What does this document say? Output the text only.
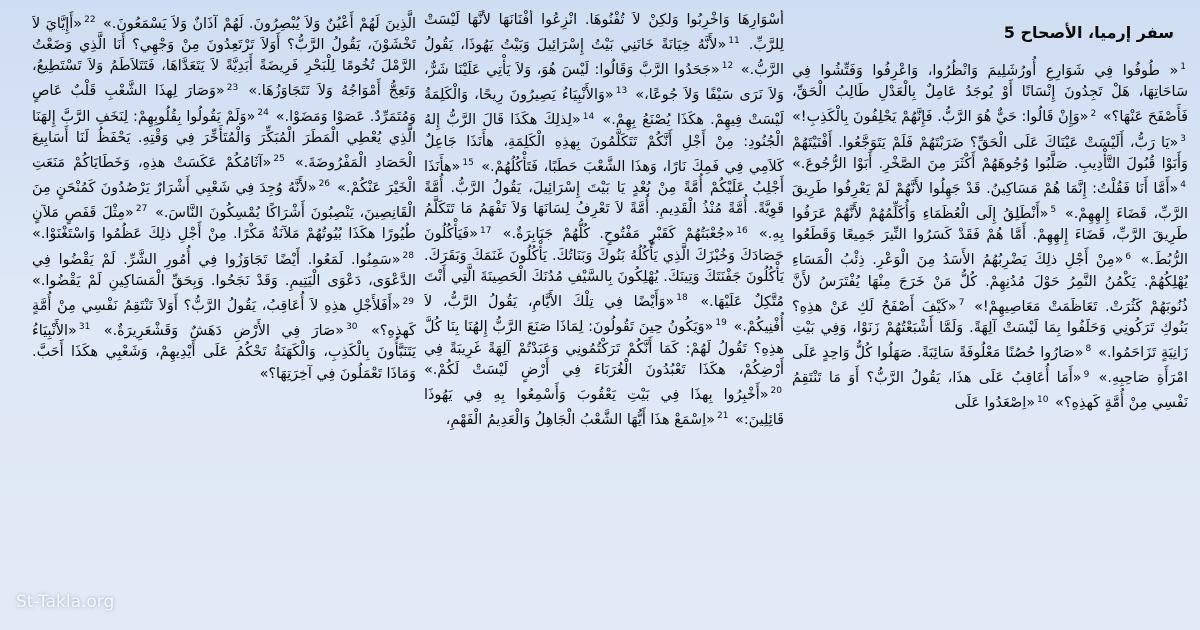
سفر إرميا، الأصحاح 5
$^1$« طُوفُوا فِي شَوَارِعِ أُورُشَلِيمَ وَانْظُرُوا، وَاعْرِفُوا وَفَتِّشُوا فِي سَاحَاتِهَا، هَلْ تَجِدُونَ إِنْسَانًا أَوْ يُوجَدُ عَامِلٌ بِالْعَدْلِ طَالِبُ الْحَقِّ، فَأَصْفَحَ عَنْهَا؟» $^2$«وَإِنْ قَالُوا: حَيٌّ هُوَ الرَّبُّ. فَإِنَّهُمْ يَحْلِفُونَ بِالْكَذِبِ!» $^3$«يَا رَبُّ، أَلَيْسَتْ عَيْنَاكَ عَلَى الْحَقِّ؟ ضَرَبْتَهُمْ فَلَمْ يَتَوَجَّعُوا. أَفْنَيْتَهُمْ وَأَبَوْا قُبُولَ التَّأْدِيبِ. صَلَّبُوا وُجُوهَهُمْ أَكْثَرَ مِنَ الصَّخْرِ. أَبَوْا الرُّجُوعَ.» $^4$«أَمَّا أَنَا فَقُلْتُ: إِنَّمَا هُمْ مَسَاكِينُ. قَدْ جَهِلُوا لأَنَّهُمْ لَمْ يَعْرِفُوا طَرِيقَ الرَّبِّ، قَضَاءَ إِلهِهِمْ.» $^5$«أَنْطَلِقُ إِلَى الْعُظَمَاءِ وَأُكَلِّمُهُمْ لأَنَّهُمْ عَرَفُوا طَرِيقَ الرَّبِّ، قَضَاءَ إِلهِهِمْ. أَمَّا هُمْ فَقَدْ كَسَرُوا النِّيرَ جَمِيعًا وَقَطَعُوا الرُّبُطَ.» $^6$«مِنْ أَجْلِ ذلِكَ يَضْرِبُهُمُ الأَسَدُ مِنَ الْوَعْرِ. ذِئْبُ الْمَسَاءِ يُهْلِكُهُمْ. يَكْمُنُ النَّمِرُ حَوْلَ مُدُنِهِمْ. كُلُّ مَنْ خَرَجَ مِنْهَا يُفْتَرَسُ لأَنَّ ذُنُوبَهُمْ كَثُرَتْ. تَعَاظَمَتْ مَعَاصِيهِمْ!» $^7$«كَيْفَ أَصْفَحُ لَكِ عَنْ هذِهِ؟ بَنُوكِ تَرَكُونِي وَحَلَفُوا بِمَا لَيْسَتْ آلِهَةً. وَلَمَّا أَشْبَعْتُهُمْ زَنَوْا، وَفِي بَيْتِ زَانِيَةٍ تَزَاحَمُوا.» $^8$«صَارُوا حُصُنًا مَعْلُوفَةً سَائِبَةً. صَهَلُوا كُلُّ وَاحِدٍ عَلَى امْرَأَةِ صَاحِبِهِ.» $^9$«أَمَا أُعَاقِبُ عَلَى هذَا، يَقُولُ الرَّبُّ؟ أَوَ مَا تَنْتَقِمُ نَفْسِي مِنْ أُمَّةٍ كَهذِهِ؟» $^{10}$«اِصْعَدُوا عَلَى
أَسْوَارِهَا وَاخْرِبُوا وَلكِنْ لاَ تُفْنُوهَا. انْزِعُوا أَفْنَانَهَا لأَنَّهَا لَيْسَتْ لِلرَّبِّ. $^{11}$«لأَنَّهُ خِيَانَةً خَانَنِي بَيْتُ إِسْرَائِيلَ وَبَيْتُ يَهُوذَا، يَقُولُ الرَّبُّ.» $^{12}$«جَحَدُوا الرَّبَّ وَقَالُوا: لَيْسَ هُوَ، وَلاَ يَأْتِي عَلَيْنَا شَرٌّ، وَلاَ نَرَى سَيْفًا وَلاَ جُوعًا،» $^{13}$«وَالأَنْبِيَاءُ يَصِيرُونَ رِيحًا، وَالْكَلِمَةُ لَيْسَتْ فِيهِمْ. هكَذَا يُصْنَعُ بِهِمْ.» $^{14}$«لِذلِكَ هكَذَا قَالَ الرَّبُّ إِلهُ الْجُنُودِ: مِنْ أَجْلِ أَنَّكُمْ تَتَكَلَّمُونَ بِهذِهِ الْكَلِمَةِ، هأَنَذَا جَاعِلٌ كَلاَمِي فِي فَمِكَ نَارًا، وَهذَا الشَّعْبَ حَطَبًا، فَتَأْكُلُهُمْ.» $^{15}$«هأَنَذَا أَجْلِبُ عَلَيْكُمْ أُمَّةً مِنْ بُعْدٍ يَا بَيْتَ إِسْرَائِيلَ، يَقُولُ الرَّبُّ. أُمَّةً قَوِيَّةً. أُمَّةً مُنْذُ الْقَدِيمِ. أُمَّةً لاَ تَعْرِفُ لِسَانَهَا وَلاَ تَفْهَمُ مَا تَتَكَلَّمُ بِهِ.» $^{16}$«جُعْبَتُهُمْ كَقَبْرٍ مَفْتُوحٍ. كُلُّهُمْ جَبَابِرَةٌ.» $^{17}$«فَيَأْكُلُونَ حَصَادَكَ وَخُبْزَكَ الَّذِي يَأْكُلُهُ بَنُوكَ وَبَنَاتُكَ. يَأْكُلُونَ غَنَمَكَ وَبَقَرَكَ. يَأْكُلُونَ جَفْنَتَكَ وَتِينَكَ. يُهْلِكُونَ بِالسَّيْفِ مُدُنَكَ الْحَصِينَةَ الَّتِي أَنْتَ مُتَّكِلٌ عَلَيْهَا.» $^{18}$«وَأَيْضًا فِي تِلْكَ الأَيَّامِ، يَقُولُ الرَّبُّ، لاَ أُفْنِيكُمْ.» $^{19}$«وَيَكُونُ حِينَ تَقُولُونَ: لِمَاذَا صَنَعَ الرَّبُّ إِلهُنَا بِنَا كُلَّ هذِهِ؟ تَقُولُ لَهُمْ: كَمَا أَنَّكُمْ تَرَكْتُمُونِي وَعَبَدْتُمْ آلِهَةً غَرِيبَةً فِي أَرْضِكُمْ، هكَذَا تَعْبُدُونَ الْغُرَبَاءَ فِي أَرْضٍ لَيْسَتْ لَكُمْ.» $^{20}$«أَخْبِرُوا بِهذَا فِي بَيْتِ يَعْقُوبَ وَأَسْمِعُوا بِهِ فِي يَهُوذَا قَائِلِينَ:» $^{21}$«اِسْمَعْ هذَا أَيُّهَا الشَّعْبُ الْجَاهِلُ وَالْعَدِيمُ الْفَهْمِ،
الَّذِينَ لَهُمْ أَعْيُنٌ وَلاَ يُبْصِرُونَ. لَهُمْ آذَانٌ وَلاَ يَسْمَعُونَ.» $^{22}$«أَإِيَّايَ لاَ تَخْشَوْنَ، يَقُولُ الرَّبُّ؟ أَوَلاَ تَرْتَعِدُونَ مِنْ وَجْهِي؟ أَنَا الَّذِي وَضَعْتُ الرَّمْلَ تُخُومًا لِلْبَحْرِ فَرِيضَةً أَبَدِيَّةً لاَ يَتَعَدَّاهَا، فَتَتَلاَطَمُ وَلاَ تَسْتَطِيعُ، وَتَعِجُّ أَمْوَاجُهُ وَلاَ تَتَجَاوَزُهَا.» $^{23}$«وَصَارَ لِهذَا الشَّعْبِ قَلْبٌ عَاصٍ وَمُتَمَرِّدٌ. عَصَوْا وَمَضَوْا.» $^{24}$«وَلَمْ يَقُولُوا بِقُلُوبِهِمْ: لِنَخَفِ الرَّبَّ إِلهَنَا الَّذِي يُعْطِي الْمَطَرَ الْمُبَكِّرَ وَالْمُتَأَخِّرَ فِي وَقْتِهِ. يَحْفَظُ لَنَا أَسَابِيعَ الْحَصَادِ الْمَفْرُوضَةَ.» $^{25}$«آثَامُكُمْ عَكَسَتْ هذِهِ، وَخَطَايَاكُمْ مَنَعَتِ الْخَيْرَ عَنْكُمْ.» $^{26}$«لأَنَّهُ وُجِدَ فِي شَعْبِي أَشْرَارٌ يَرْصُدُونَ كَمُنْحَنٍ مِنَ الْقَانِصِينَ، يَنْصِبُونَ أَشْرَاكًا يُمْسِكُونَ النَّاسَ.» $^{27}$«مِثْلَ قَفَصٍ مَلآنٍ طُيُورًا هكَذَا بُيُوتُهُمْ مَلآنَةٌ مَكْرًا. مِنْ أَجْلِ ذلِكَ عَظُمُوا وَاسْتَغْنَوْا.» $^{28}$«سَمِنُوا. لَمَعُوا. أَيْضًا تَجَاوَزُوا فِي أُمُورِ الشَّرِّ. لَمْ يَقْضُوا فِي الدَّعْوَى، دَعْوَى الْيَتِيمِ. وَقَدْ نَجَحُوا. وَبِحَقِّ الْمَسَاكِينِ لَمْ يَقْضُوا.» $^{29}$«أَفَلأَجْلِ هذِهِ لاَ أُعَاقِبُ، يَقُولُ الرَّبُّ؟ أَوَلاَ تَنْتَقِمُ نَفْسِي مِنْ أُمَّةٍ كَهذِهِ؟» $^{30}$«صَارَ فِي الأَرْضِ دَهَشٌ وَقَشْعَرِيرَةٌ.» $^{31}$«الأَنْبِيَاءُ يَتَنَبَّأُونَ بِالْكَذِبِ، وَالْكَهَنَةُ تَحْكُمُ عَلَى أَيْدِيهِمْ، وَشَعْبِي هكَذَا أَحَبَّ. وَمَاذَا تَعْمَلُونَ فِي آخِرَتِهَا؟»
St-Takla.org
